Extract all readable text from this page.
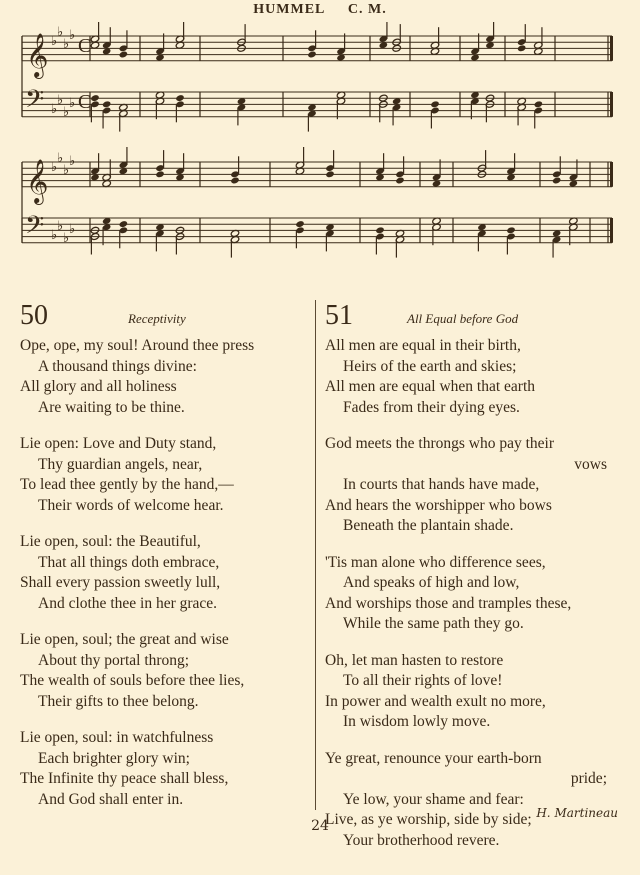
HUMMEL C. M.
𝄞 ♭
♭
♭
♭ C
𝄢 ♭
♭
♭
♭ C
𝄞 ♭
♭
♭
♭
𝄢 ♭
♭
♭
♭
50	Receptivity
Ope, ope, my soul! Around thee press
A thousand things divine:
All glory and all holiness
Are waiting to be thine.
Lie open: Love and Duty stand,
Thy guardian angels, near,
To lead thee gently by the hand,—
Their words of welcome hear.
Lie open, soul: the Beautiful,
That all things doth embrace,
Shall every passion sweetly lull,
And clothe thee in her grace.
Lie open, soul; the great and wise
About thy portal throng;
The wealth of souls before thee lies,
Their gifts to thee belong.
Lie open, soul: in watchfulness
Each brighter glory win;
The Infinite thy peace shall bless,
And God shall enter in.
51	All Equal before God
All men are equal in their birth,
Heirs of the earth and skies;
All men are equal when that earth
Fades from their dying eyes.
God meets the throngs who pay their
vows
In courts that hands have made,
And hears the worshipper who bows
Beneath the plantain shade.
'Tis man alone who difference sees,
And speaks of high and low,
And worships those and tramples these,
While the same path they go.
Oh, let man hasten to restore
To all their rights of love!
In power and wealth exult no more,
In wisdom lowly move.
Ye great, renounce your earth-born
pride;
Ye low, your shame and fear:
Live, as ye worship, side by side;
Your brotherhood revere.
H. Martineau
24
